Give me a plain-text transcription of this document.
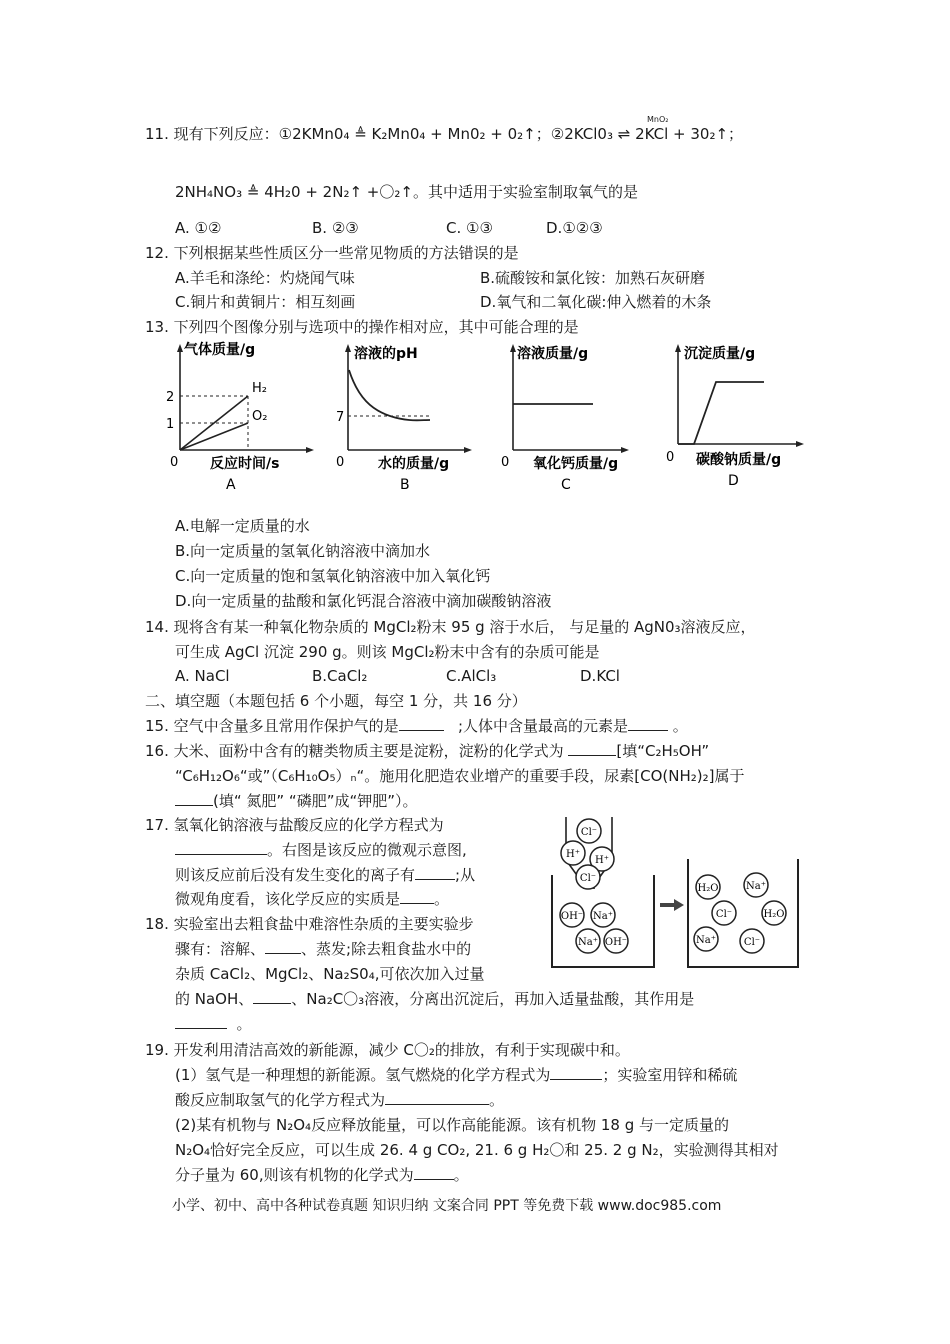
11. 现有下列反应：①2KMn0₄ ≜ K₂Mn0₄ + Mn0₂ + 0₂↑；②2KCl0₃ ⇌ 2KCl + 30₂↑；
MnO₂
2NH₄NO₃ ≜ 4H₂0 + 2N₂↑ +〇₂↑。其中适用于实验室制取氧气的是
A. ①②	B. ②③	C. ①③	D.①②③
12. 下列根据某些性质区分一些常见物质的方法错误的是
A.羊毛和涤纶：灼烧闻气味	B.硫酸铵和氯化铵：加熟石灰研磨
C.铜片和黄铜片：相互刻画	D.氧气和二氧化碳:伸入燃着的木条
13. 下列四个图像分别与选项中的操作相对应，其中可能合理的是
气体质量/g
2
1
H₂
O₂
0 反应时间/s
A
溶液的pH
7
0 水的质量/g
B
溶液质量/g
0 氧化钙质量/g
C
沉淀质量/g
0 碳酸钠质量/g
D
A.电解一定质量的水
B.向一定质量的氢氧化钠溶液中滴加水
C.向一定质量的饱和氢氧化钠溶液中加入氧化钙
D.向一定质量的盐酸和氯化钙混合溶液中滴加碳酸钠溶液
14. 现将含有某一种氧化物杂质的 MgCl₂粉末 95 g 溶于水后， 与足量的 AgN0₃溶液反应，
可生成 AgCl 沉淀 290 g。则该 MgCl₂粉末中含有的杂质可能是
A. NaCl	B.CaCl₂	C.AlCl₃	D.KCl
二、填空题（本题包括 6 个小题，每空 1 分，共 16 分）
15. 空气中含量多且常用作保护气的是	;人体中含量最高的元素是	。
16. 大米、面粉中含有的糖类物质主要是淀粉，淀粉的化学式为	[填“C₂H₅OH”
“C₆H₁₂O₆“或”（C₆H₁₀O₅）ₙ“。施用化肥造农业增产的重要手段，尿素[CO(NH₂)₂]属于
(填“ 氮肥” “磷肥”成“钾肥”）。
17. 氢氧化钠溶液与盐酸反应的化学方程式为
。右图是该反应的微观示意图,
则该反应前后没有发生变化的离子有	;从
微观角度看，该化学反应的实质是 。
18. 实验室出去粗食盐中难溶性杂质的主要实验步
骤有：溶解、 、蒸发;除去粗食盐水中的
杂质 CaCl₂、MgCl₂、Na₂S0₄,可依次加入过量
的 NaOH、	、Na₂C〇₃溶液，分离出沉淀后，再加入适量盐酸，其作用是
。
Cl⁻
H⁺
H⁺
Cl⁻
OH⁻ Na⁺
Na⁺ OH⁻
H₂O	Na⁺
Cl⁻	H₂O
Na⁺	Cl⁻
19. 开发利用清洁高效的新能源，减少 C〇₂的排放，有利于实现碳中和。
(1）氢气是一种理想的新能源。氢气燃烧的化学方程式为	；实验室用锌和稀硫
酸反应制取氢气的化学方程式为	。
(2)某有机物与 N₂O₄反应释放能量，可以作高能能源。该有机物 18 g 与一定质量的
N₂O₄恰好完全反应，可以生成 26. 4 g CO₂, 21. 6 g H₂〇和 25. 2 g N₂，实验测得其相对
分子量为 60,则该有机物的化学式为	。
小学、初中、高中各种试卷真题 知识归纳 文案合同 PPT 等免费下载 www.doc985.com
